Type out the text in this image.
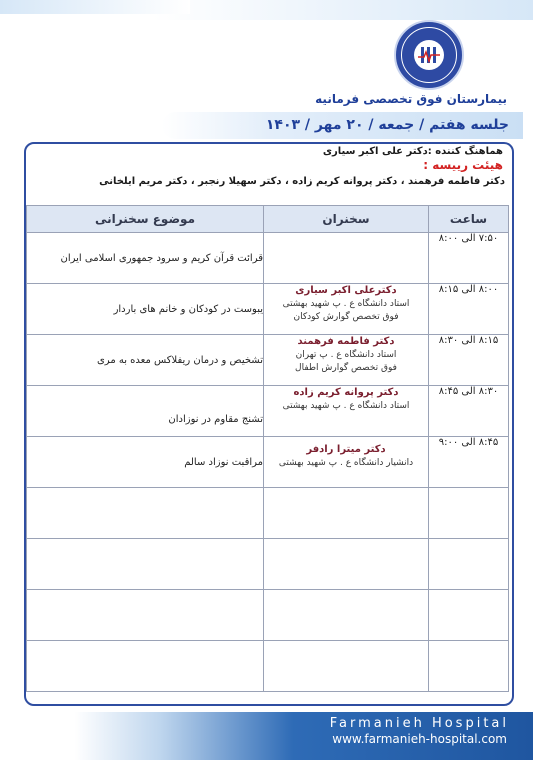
بیمارستان فوق تخصصی فرمانیه
جلسه هفتم / جمعه / ۲۰ مهر / ۱۴۰۳
هماهنگ کننده :دکتر علی اکبر سیاری
هیئت رییسه :
دکتر فاطمه فرهمند ، دکتر پروانه کریم زاده ، دکتر سهیلا رنجبر ، دکتر مریم ایلخانی
ساعت	سخنران	موضوع سخنرانی
۷:۵۰ الی ۸:۰۰		قرائت قرآن کریم و سرود جمهوری اسلامی ایران

۸:۰۰ الی ۸:۱۵	دکترعلی اکبر سیاری
استاد دانشگاه ع . پ شهید بهشتی
فوق تخصص گوارش کودکان	یبوست در کودکان و خانم های باردار

۸:۱۵ الی ۸:۳۰	دکتر فاطمه فرهمند
استاد دانشگاه ع . پ تهران
فوق تخصص گوارش اطفال	تشخیص و درمان ریفلاکس معده به مری

۸:۳۰ الی ۸:۴۵	دکتر پروانه کریم زاده
استاد دانشگاه ع . پ شهید بهشتی	تشنج مقاوم در نوزادان

۸:۴۵ الی ۹:۰۰	دکتر میترا رادفر
دانشیار دانشگاه ع . پ شهید بهشتی	مراقبت نوزاد سالم

Farmanieh Hospital
www.farmanieh-hospital.com
